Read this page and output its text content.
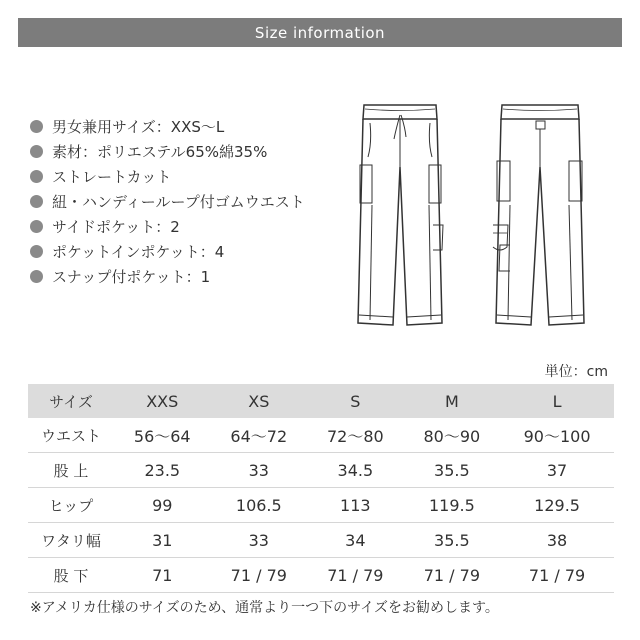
Size information
男女兼用サイズ：XXS～L
素材：ポリエステル65%綿35%
ストレートカット
紐・ハンディーループ付ゴムウエスト
サイドポケット：2
ポケットインポケット：4
スナップ付ポケット：1
単位：cm
サイズ	XXS	XS	S	M	L
ウエスト	56～64	64～72	72～80	80～90	90～100
股 上	23.5	33	34.5	35.5	37
ヒップ	99	106.5	113	119.5	129.5
ワタリ幅	31	33	34	35.5	38
股 下	71	71 / 79	71 / 79	71 / 79	71 / 79
※アメリカ仕様のサイズのため、通常より一つ下のサイズをお勧めします。
